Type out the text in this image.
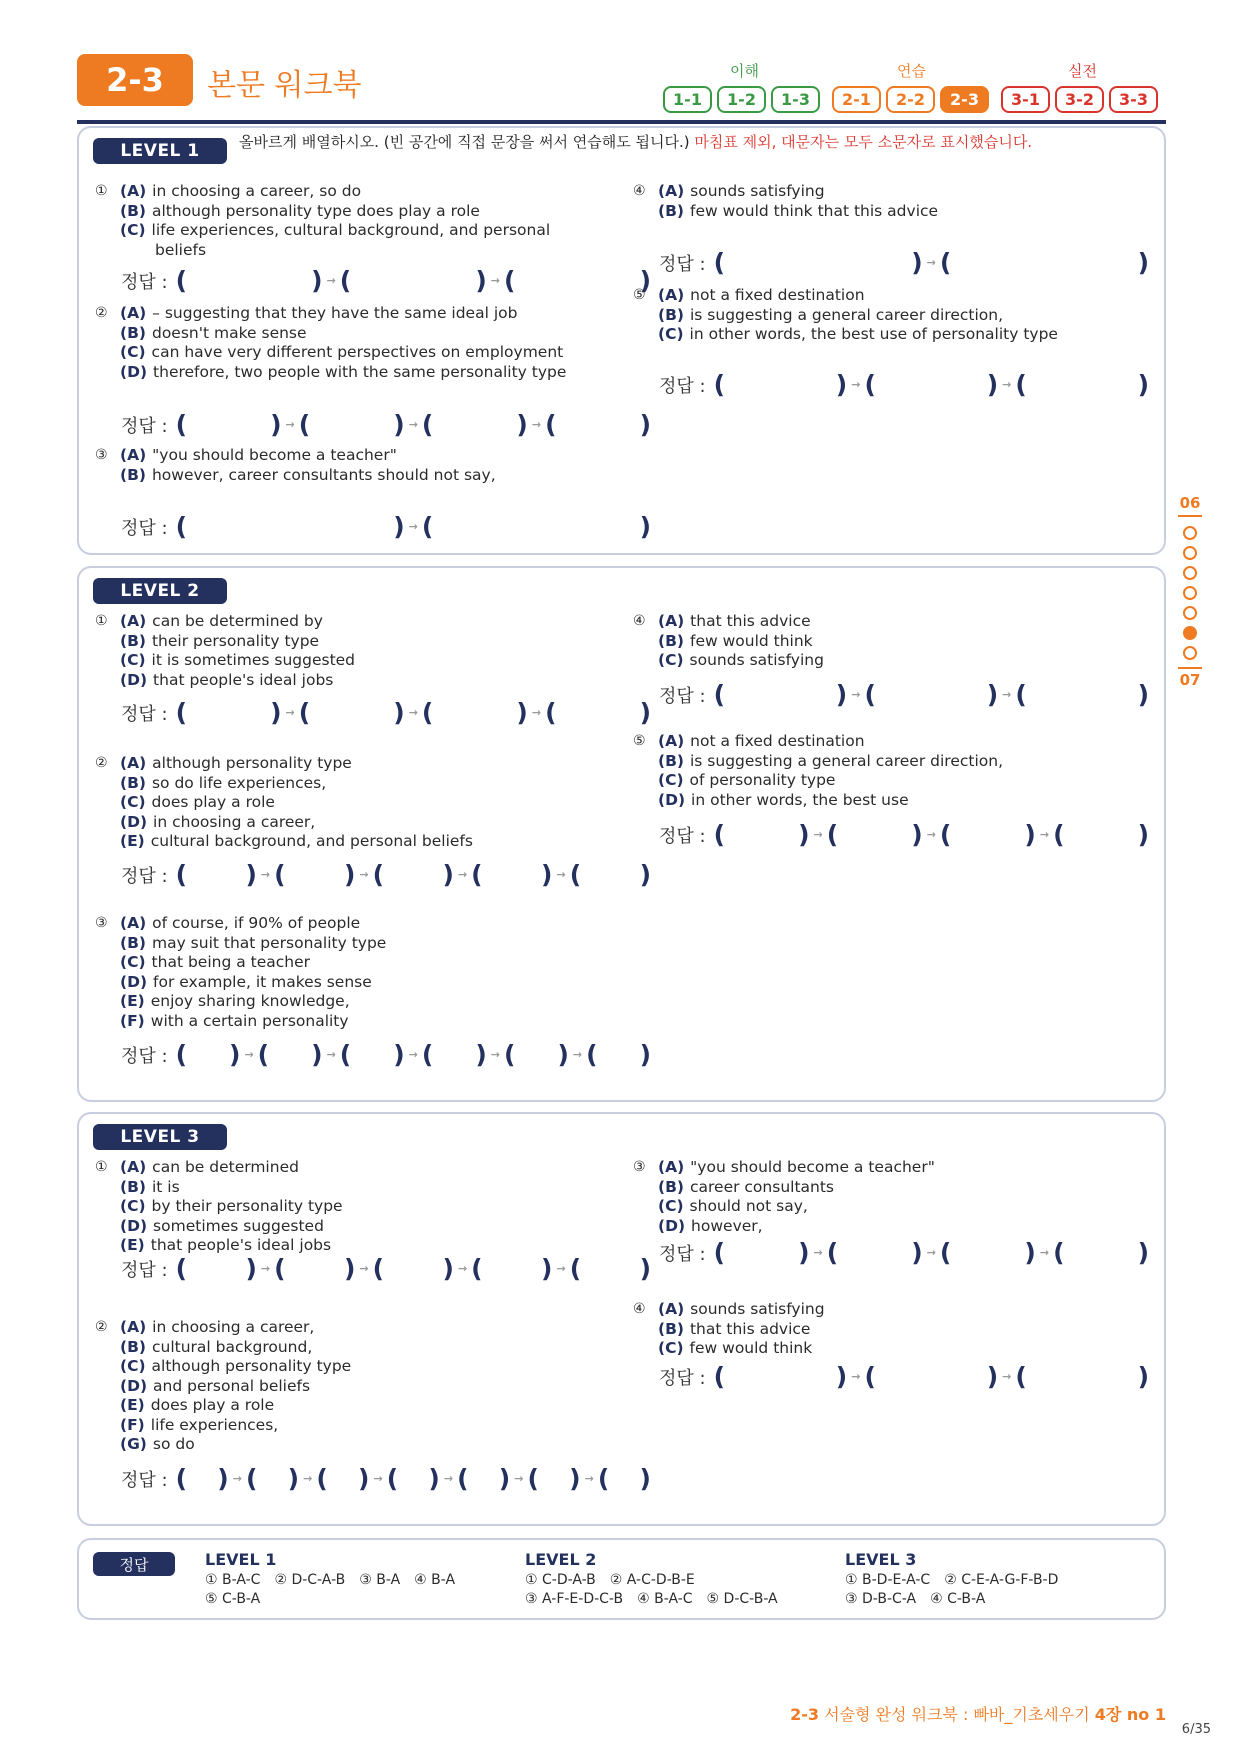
2-3	본문 워크북	이해	연습	실전
1-1	1-2	1-3	2-1	2-2	2-3	3-1	3-2	3-3
06
07
LEVEL 1	올바르게 배열하시오. (빈 공간에 직접 문장을 써서 연습해도 됩니다.) 마침표 제외, 대문자는 모두 소문자로 표시했습니다.
① (A) in choosing a career, so do
(B) although personality type does play a role
(C) life experiences, cultural background, and personal
beliefs
정답 : (	) → (	) → (	)
② (A) – suggesting that they have the same ideal job
(B) doesn't make sense
(C) can have very different perspectives on employment
(D) therefore, two people with the same personality type
정답 : (	) → (	) → (	) → (	)
③ (A) "you should become a teacher"
(B) however, career consultants should not say,
정답 : (	) → (	)
④ (A) sounds satisfying
(B) few would think that this advice
정답 : (	) → (	)
⑤ (A) not a fixed destination
(B) is suggesting a general career direction,
(C) in other words, the best use of personality type
정답 : (	) → (	) → (	)
LEVEL 2
① (A) can be determined by
(B) their personality type
(C) it is sometimes suggested
(D) that people's ideal jobs
정답 : (	) → (	) → (	) → (	)
② (A) although personality type
(B) so do life experiences,
(C) does play a role
(D) in choosing a career,
(E) cultural background, and personal beliefs
정답 : ( ) → ( ) → ( ) → ( ) → ( )
③ (A) of course, if 90% of people
(B) may suit that personality type
(C) that being a teacher
(D) for example, it makes sense
(E) enjoy sharing knowledge,
(F) with a certain personality
정답 : ( ) → ( ) → ( ) → ( ) → ( ) → ( )
④ (A) that this advice
(B) few would think
(C) sounds satisfying
정답 : (	) → (	) → (	)
⑤ (A) not a fixed destination
(B) is suggesting a general career direction,
(C) of personality type
(D) in other words, the best use
정답 : (	) → (	) → (	) → (	)
LEVEL 3
① (A) can be determined
(B) it is
(C) by their personality type
(D) sometimes suggested
(E) that people's ideal jobs
정답 : ( ) → ( ) → ( ) → ( ) → ( )
② (A) in choosing a career,
(B) cultural background,
(C) although personality type
(D) and personal beliefs
(E) does play a role
(F) life experiences,
(G) so do
정답 : ( ) → ( ) → ( ) → ( ) → ( ) → ( ) → ( )
③ (A) "you should become a teacher"
(B) career consultants
(C) should not say,
(D) however,
정답 : (	) → (	) → (	) → (	)
④ (A) sounds satisfying
(B) that this advice
(C) few would think
정답 : (	) → (	) → (	)
정답	LEVEL 1
① B-A-C ② D-C-A-B ③ B-A ④ B-A
⑤ C-B-A
LEVEL 2
① C-D-A-B ② A-C-D-B-E
③ A-F-E-D-C-B ④ B-A-C ⑤ D-C-B-A
LEVEL 3
① B-D-E-A-C ② C-E-A-G-F-B-D
③ D-B-C-A ④ C-B-A
2-3 서술형 완성 워크북 : 빠바_기초세우기 4장 no 1
6/35
